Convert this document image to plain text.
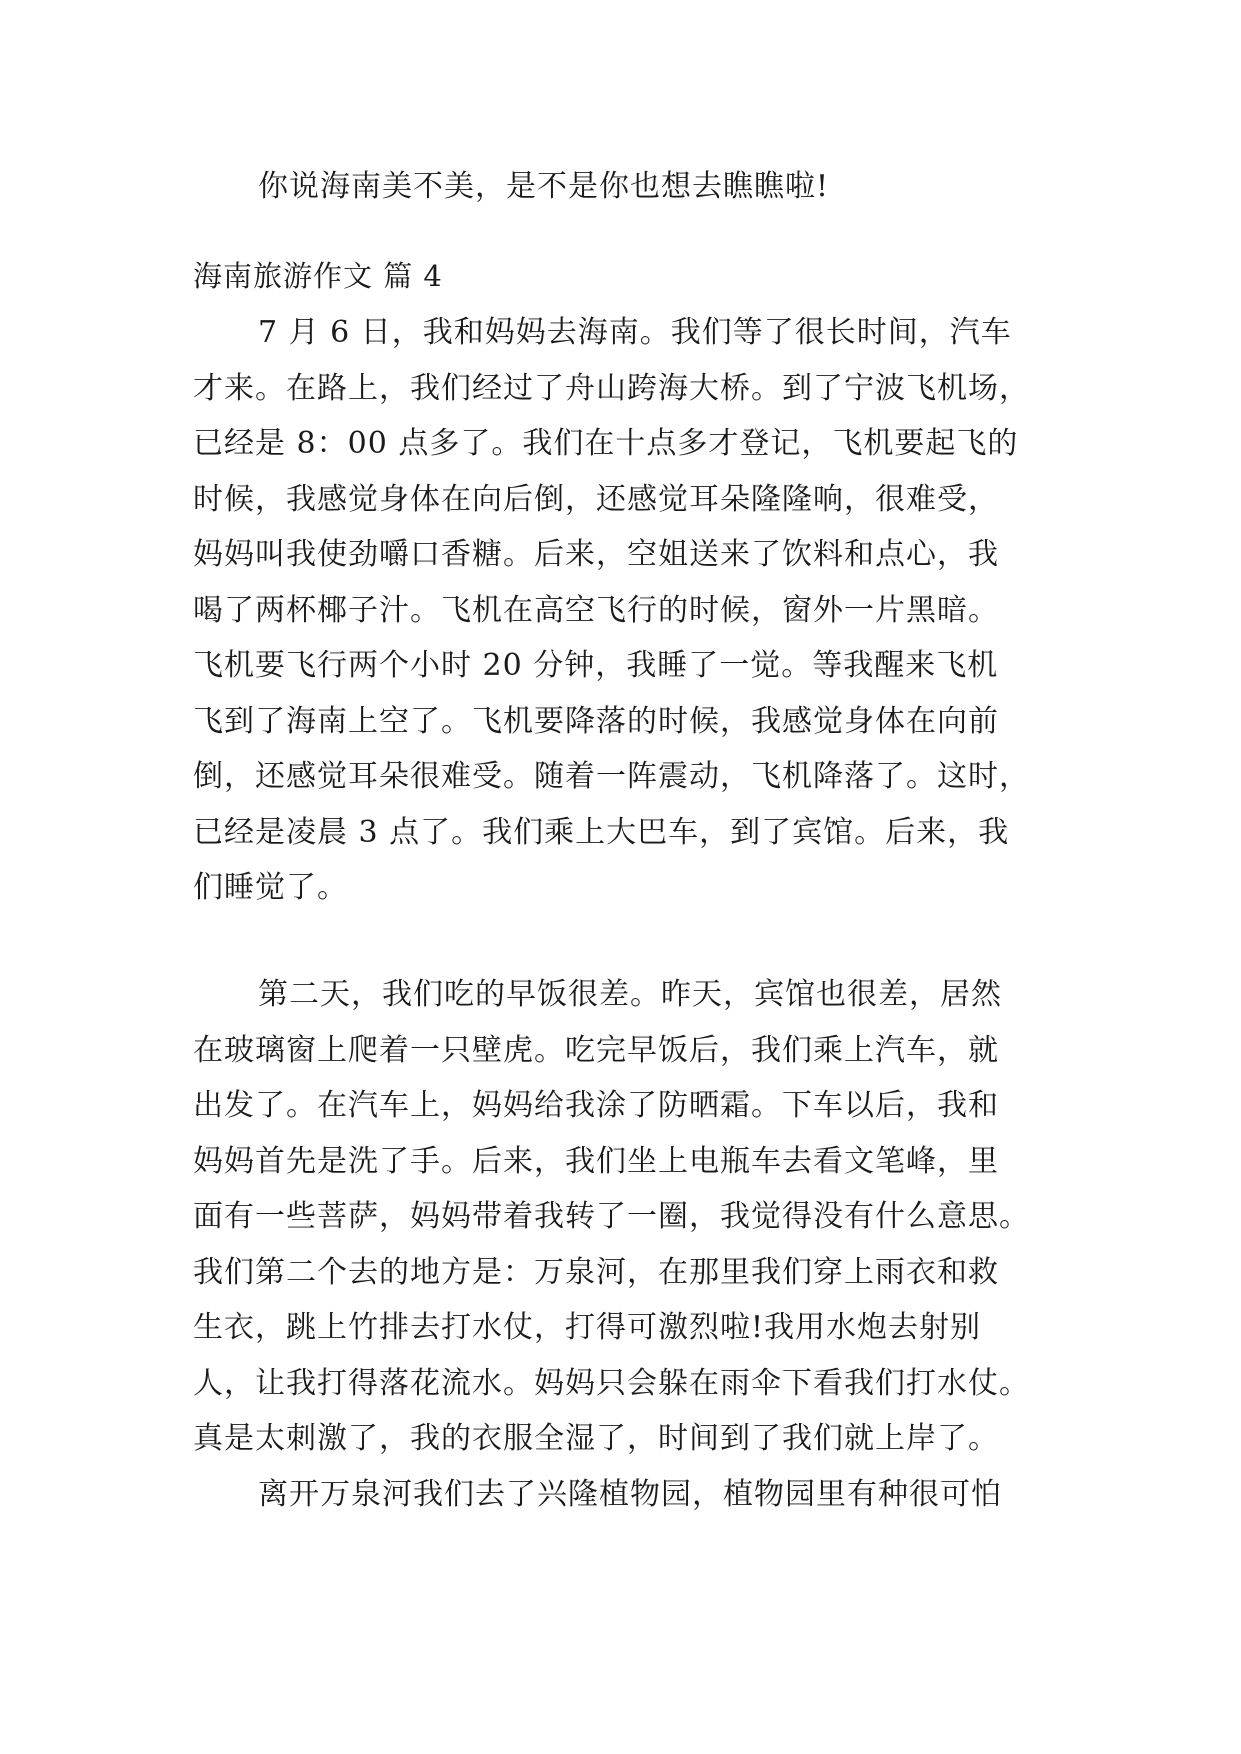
你说海南美不美，是不是你也想去瞧瞧啦!
海南旅游作文 篇 4
7 月 6 日，我和妈妈去海南。我们等了很长时间，汽车
才来。在路上，我们经过了舟山跨海大桥。到了宁波飞机场，
已经是 8：00 点多了。我们在十点多才登记，飞机要起飞的
时候，我感觉身体在向后倒，还感觉耳朵隆隆响，很难受，
妈妈叫我使劲嚼口香糖。后来，空姐送来了饮料和点心，我
喝了两杯椰子汁。飞机在高空飞行的时候，窗外一片黑暗。
飞机要飞行两个小时 20 分钟，我睡了一觉。等我醒来飞机
飞到了海南上空了。飞机要降落的时候，我感觉身体在向前
倒，还感觉耳朵很难受。随着一阵震动，飞机降落了。这时，
已经是凌晨 3 点了。我们乘上大巴车，到了宾馆。后来，我
们睡觉了。
第二天，我们吃的早饭很差。昨天，宾馆也很差，居然
在玻璃窗上爬着一只壁虎。吃完早饭后，我们乘上汽车，就
出发了。在汽车上，妈妈给我涂了防晒霜。下车以后，我和
妈妈首先是洗了手。后来，我们坐上电瓶车去看文笔峰，里
面有一些菩萨，妈妈带着我转了一圈，我觉得没有什么意思。
我们第二个去的地方是：万泉河，在那里我们穿上雨衣和救
生衣，跳上竹排去打水仗，打得可激烈啦!我用水炮去射别
人，让我打得落花流水。妈妈只会躲在雨伞下看我们打水仗。
真是太刺激了，我的衣服全湿了，时间到了我们就上岸了。
离开万泉河我们去了兴隆植物园，植物园里有种很可怕
